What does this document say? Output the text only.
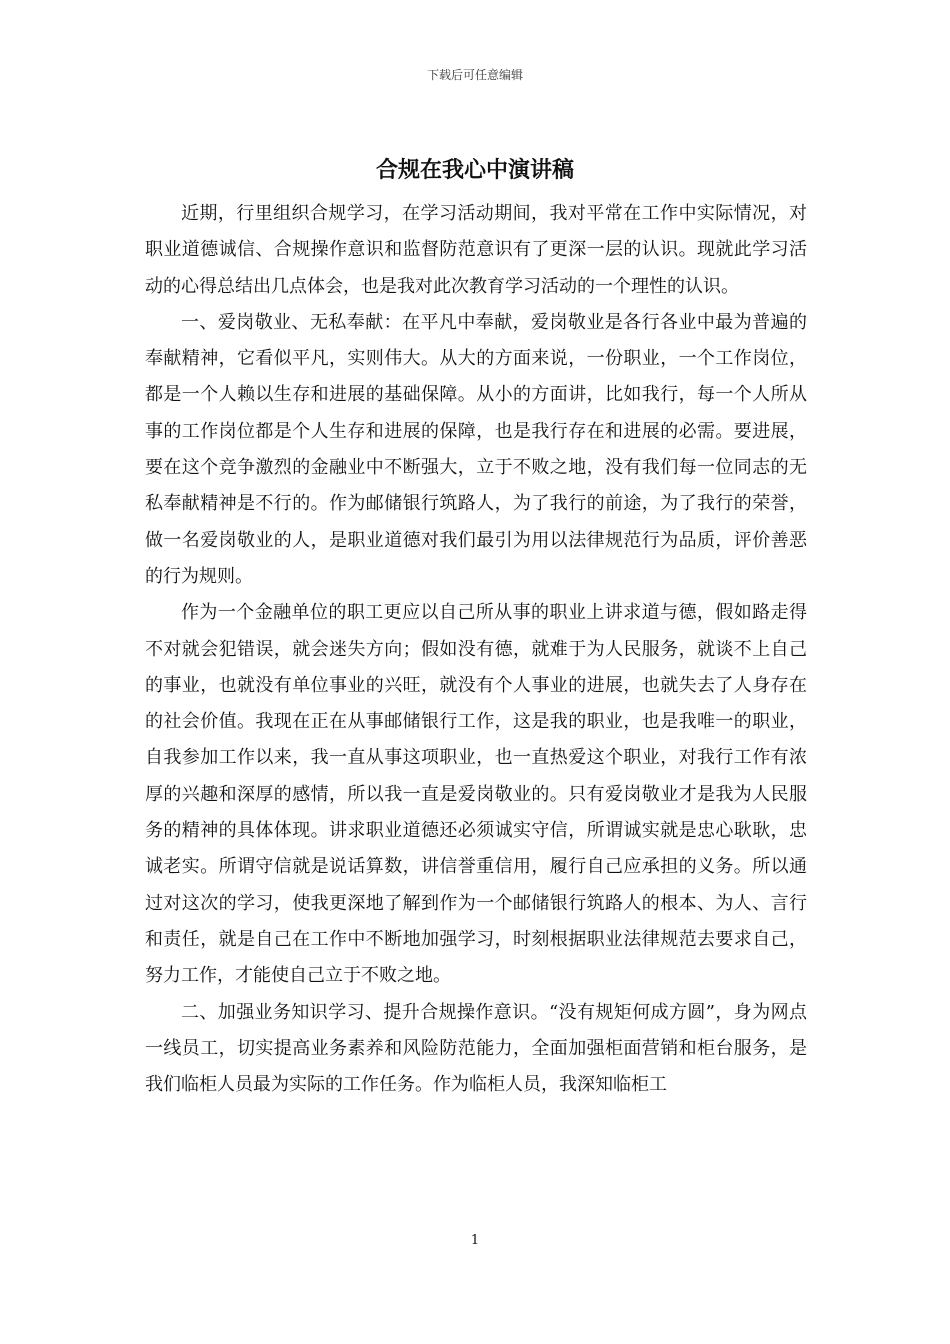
下载后可任意编辑
合规在我心中演讲稿

近期，行里组织合规学习，在学习活动期间，我对平常在工作中实际情况，对职业道德诚信、合规操作意识和监督防范意识有了更深一层的认识。现就此学习活动的心得总结出几点体会，也是我对此次教育学习活动的一个理性的认识。

一、爱岗敬业、无私奉献：在平凡中奉献，爱岗敬业是各行各业中最为普遍的奉献精神，它看似平凡，实则伟大。从大的方面来说，一份职业，一个工作岗位，都是一个人赖以生存和进展的基础保障。从小的方面讲，比如我行，每一个人所从事的工作岗位都是个人生存和进展的保障，也是我行存在和进展的必需。要进展，要在这个竞争激烈的金融业中不断强大，立于不败之地，没有我们每一位同志的无私奉献精神是不行的。作为邮储银行筑路人，为了我行的前途，为了我行的荣誉，做一名爱岗敬业的人，是职业道德对我们最引为用以法律规范行为品质，评价善恶的行为规则。

作为一个金融单位的职工更应以自己所从事的职业上讲求道与德，假如路走得不对就会犯错误，就会迷失方向；假如没有德，就难于为人民服务，就谈不上自己的事业，也就没有单位事业的兴旺，就没有个人事业的进展，也就失去了人身存在的社会价值。我现在正在从事邮储银行工作，这是我的职业，也是我唯一的职业，自我参加工作以来，我一直从事这项职业，也一直热爱这个职业，对我行工作有浓厚的兴趣和深厚的感情，所以我一直是爱岗敬业的。只有爱岗敬业才是我为人民服务的精神的具体体现。讲求职业道德还必须诚实守信，所谓诚实就是忠心耿耿，忠诚老实。所谓守信就是说话算数，讲信誉重信用，履行自己应承担的义务。所以通过对这次的学习，使我更深地了解到作为一个邮储银行筑路人的根本、为人、言行和责任，就是自己在工作中不断地加强学习，时刻根据职业法律规范去要求自己，努力工作，才能使自己立于不败之地。

二、加强业务知识学习、提升合规操作意识。“没有规矩何成方圆”，身为网点一线员工，切实提高业务素养和风险防范能力，全面加强柜面营销和柜台服务，是我们临柜人员最为实际的工作任务。作为临柜人员，我深知临柜工

1
